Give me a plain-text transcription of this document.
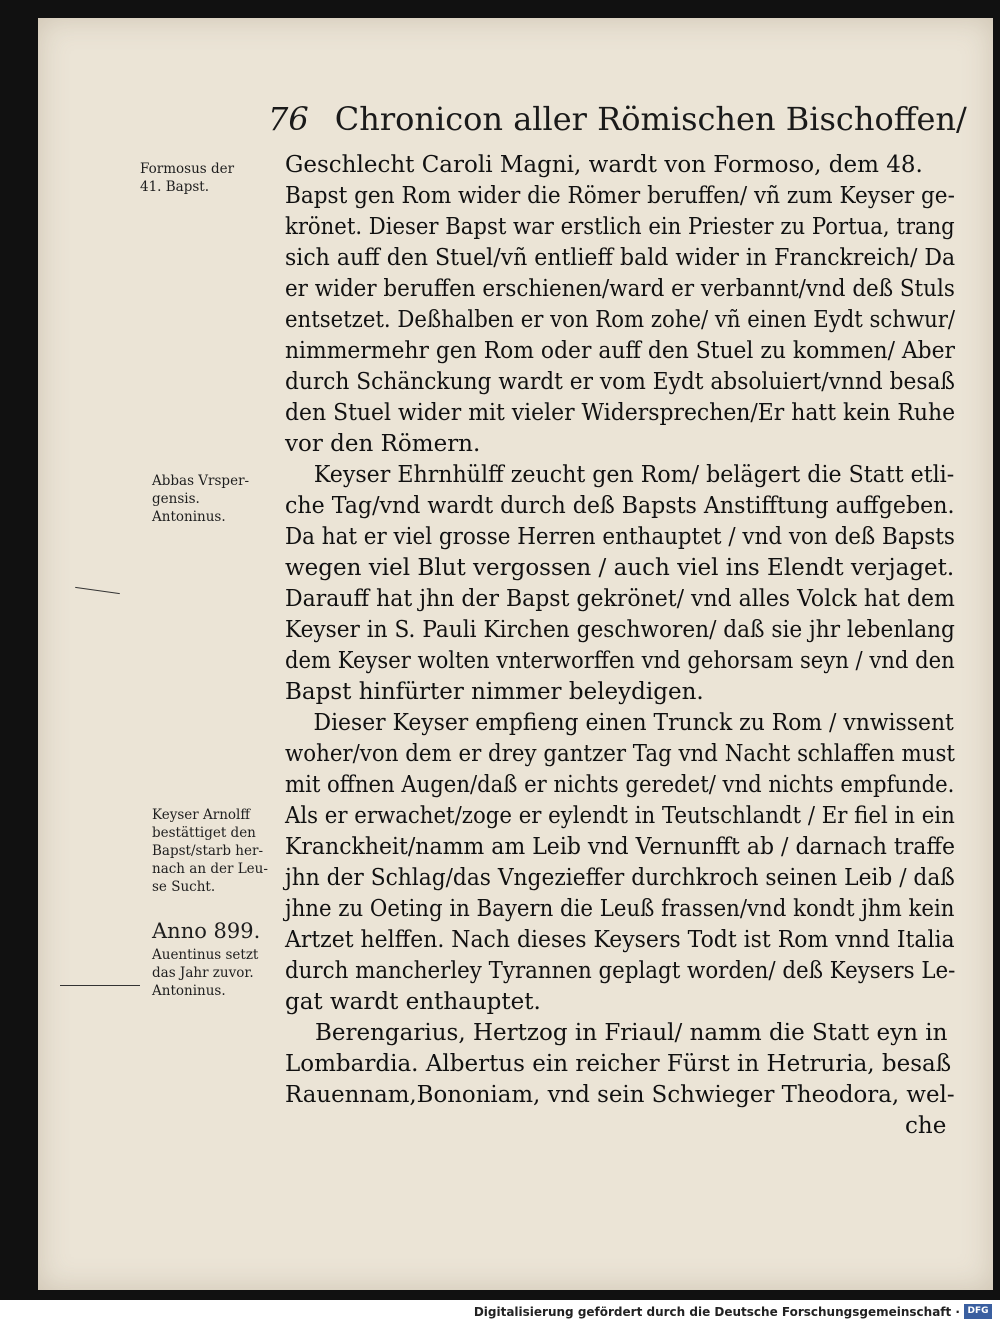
76 Chronicon aller Römischen Bischoffen/
Formosus der
41. Bapst.
Abbas Vrsper-
gensis.
Antoninus.
Keyser Arnolff
bestättiget den
Bapst/starb her-
nach an der Leu-
se Sucht.
Anno 899.
Auentinus setzt
das Jahr zuvor.
Antoninus.
Geschlecht Caroli Magni, wardt von Formoso, dem 48.
Bapst gen Rom wider die Römer beruffen/ vñ zum Keyser ge-
krönet. Dieser Bapst war erstlich ein Priester zu Portua, trang
sich auff den Stuel/vñ entlieff bald wider in Franckreich/ Da
er wider beruffen erschienen/ward er verbannt/vnd deß Stuls
entsetzet. Deßhalben er von Rom zohe/ vñ einen Eydt schwur/
nimmermehr gen Rom oder auff den Stuel zu kommen/ Aber
durch Schänckung wardt er vom Eydt absoluiert/vnnd besaß
den Stuel wider mit vieler Widersprechen/Er hatt kein Ruhe
vor den Römern.
Keyser Ehrnhülff zeucht gen Rom/ belägert die Statt etli-
che Tag/vnd wardt durch deß Bapsts Anstifftung auffgeben.
Da hat er viel grosse Herren enthauptet / vnd von deß Bapsts
wegen viel Blut vergossen / auch viel ins Elendt verjaget.
Darauff hat jhn der Bapst gekrönet/ vnd alles Volck hat dem
Keyser in S. Pauli Kirchen geschworen/ daß sie jhr lebenlang
dem Keyser wolten vnterworffen vnd gehorsam seyn / vnd den
Bapst hinfürter nimmer beleydigen.
Dieser Keyser empfieng einen Trunck zu Rom / vnwissent
woher/von dem er drey gantzer Tag vnd Nacht schlaffen must
mit offnen Augen/daß er nichts geredet/ vnd nichts empfunde.
Als er erwachet/zoge er eylendt in Teutschlandt / Er fiel in ein
Kranckheit/namm am Leib vnd Vernunfft ab / darnach traffe
jhn der Schlag/das Vngezieffer durchkroch seinen Leib / daß
jhne zu Oeting in Bayern die Leuß frassen/vnd kondt jhm kein
Artzet helffen. Nach dieses Keysers Todt ist Rom vnnd Italia
durch mancherley Tyrannen geplagt worden/ deß Keysers Le-
gat wardt enthauptet.
Berengarius, Hertzog in Friaul/ namm die Statt eyn in
Lombardia. Albertus ein reicher Fürst in Hetruria, besaß
Rauennam,Bononiam, vnd sein Schwieger Theodora, wel-
che
Digitalisierung gefördert durch die Deutsche Forschungsgemeinschaft · DFG
